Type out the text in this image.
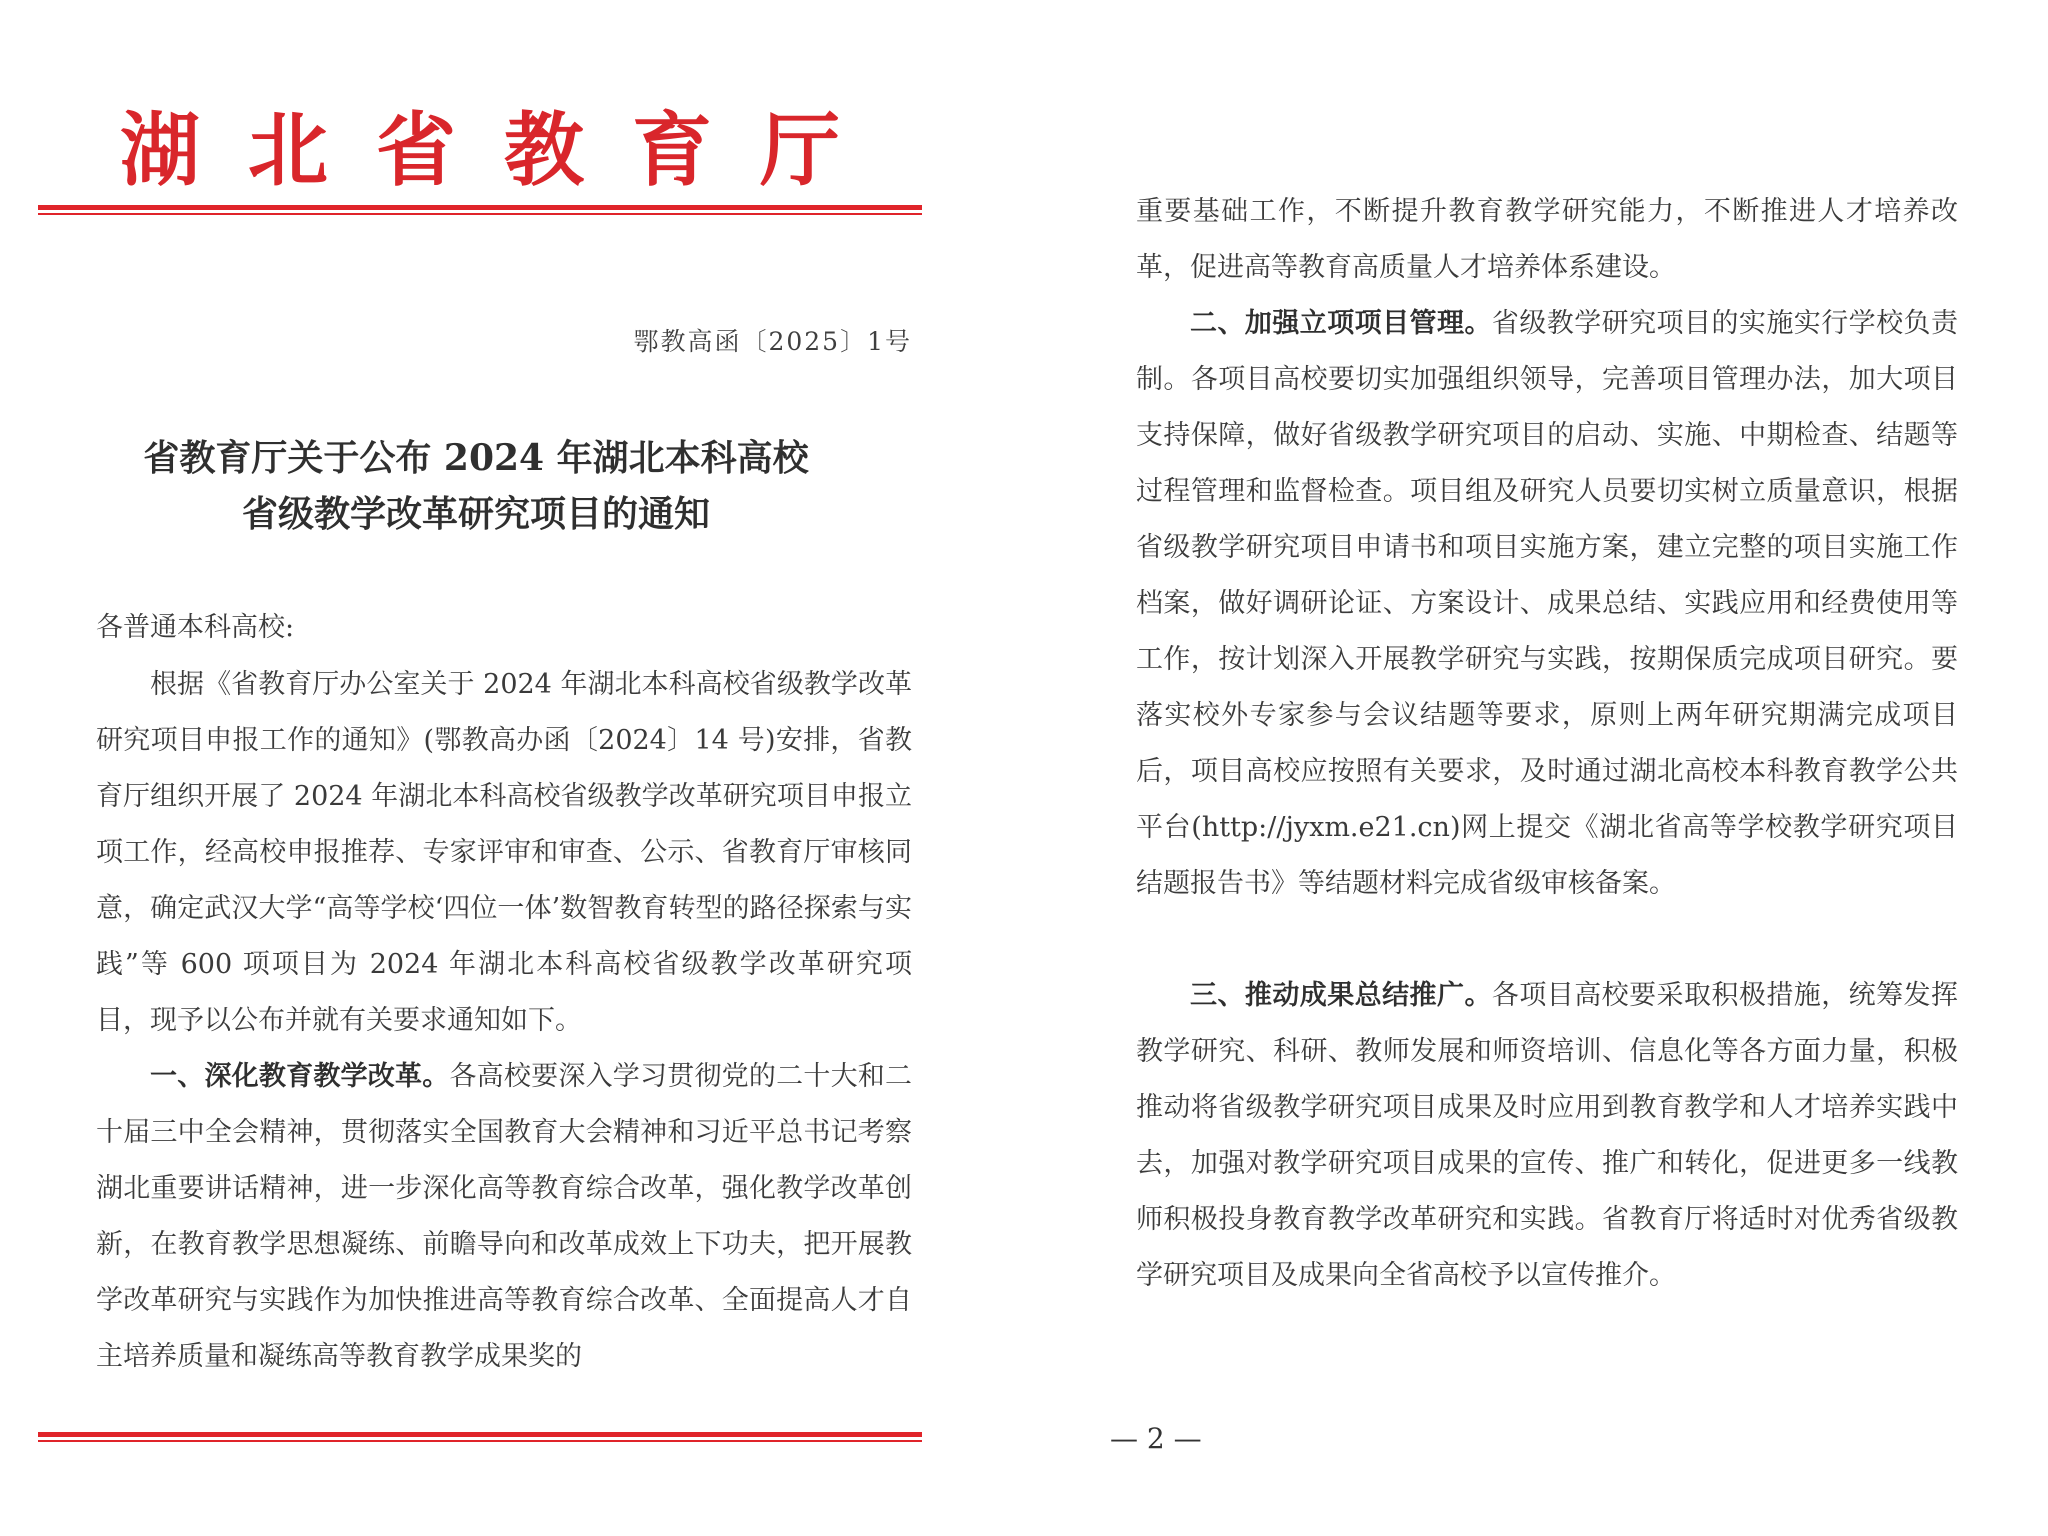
湖 北 省 教 育 厅
鄂教高函〔2025〕1号
省教育厅关于公布 2024 年湖北本科高校
省级教学改革研究项目的通知
各普通本科高校:

根据《省教育厅办公室关于 2024 年湖北本科高校省级教学改革研究项目申报工作的通知》(鄂教高办函〔2024〕14 号)安排，省教育厅组织开展了 2024 年湖北本科高校省级教学改革研究项目申报立项工作，经高校申报推荐、专家评审和审查、公示、省教育厅审核同意，确定武汉大学“高等学校‘四位一体’数智教育转型的路径探索与实践”等 600 项项目为 2024 年湖北本科高校省级教学改革研究项目，现予以公布并就有关要求通知如下。

一、深化教育教学改革。各高校要深入学习贯彻党的二十大和二十届三中全会精神，贯彻落实全国教育大会精神和习近平总书记考察湖北重要讲话精神，进一步深化高等教育综合改革，强化教学改革创新，在教育教学思想凝练、前瞻导向和改革成效上下功夫，把开展教学改革研究与实践作为加快推进高等教育综合改革、全面提高人才自主培养质量和凝练高等教育教学成果奖的

重要基础工作，不断提升教育教学研究能力，不断推进人才培养改革，促进高等教育高质量人才培养体系建设。

二、加强立项项目管理。省级教学研究项目的实施实行学校负责制。各项目高校要切实加强组织领导，完善项目管理办法，加大项目支持保障，做好省级教学研究项目的启动、实施、中期检查、结题等过程管理和监督检查。项目组及研究人员要切实树立质量意识，根据省级教学研究项目申请书和项目实施方案，建立完整的项目实施工作档案，做好调研论证、方案设计、成果总结、实践应用和经费使用等工作，按计划深入开展教学研究与实践，按期保质完成项目研究。要落实校外专家参与会议结题等要求，原则上两年研究期满完成项目后，项目高校应按照有关要求，及时通过湖北高校本科教育教学公共平台(http://jyxm.e21.cn)网上提交《湖北省高等学校教学研究项目结题报告书》等结题材料完成省级审核备案。

三、推动成果总结推广。各项目高校要采取积极措施，统筹发挥教学研究、科研、教师发展和师资培训、信息化等各方面力量，积极推动将省级教学研究项目成果及时应用到教育教学和人才培养实践中去，加强对教学研究项目成果的宣传、推广和转化，促进更多一线教师积极投身教育教学改革研究和实践。省教育厅将适时对优秀省级教学研究项目及成果向全省高校予以宣传推介。

— 2 —
